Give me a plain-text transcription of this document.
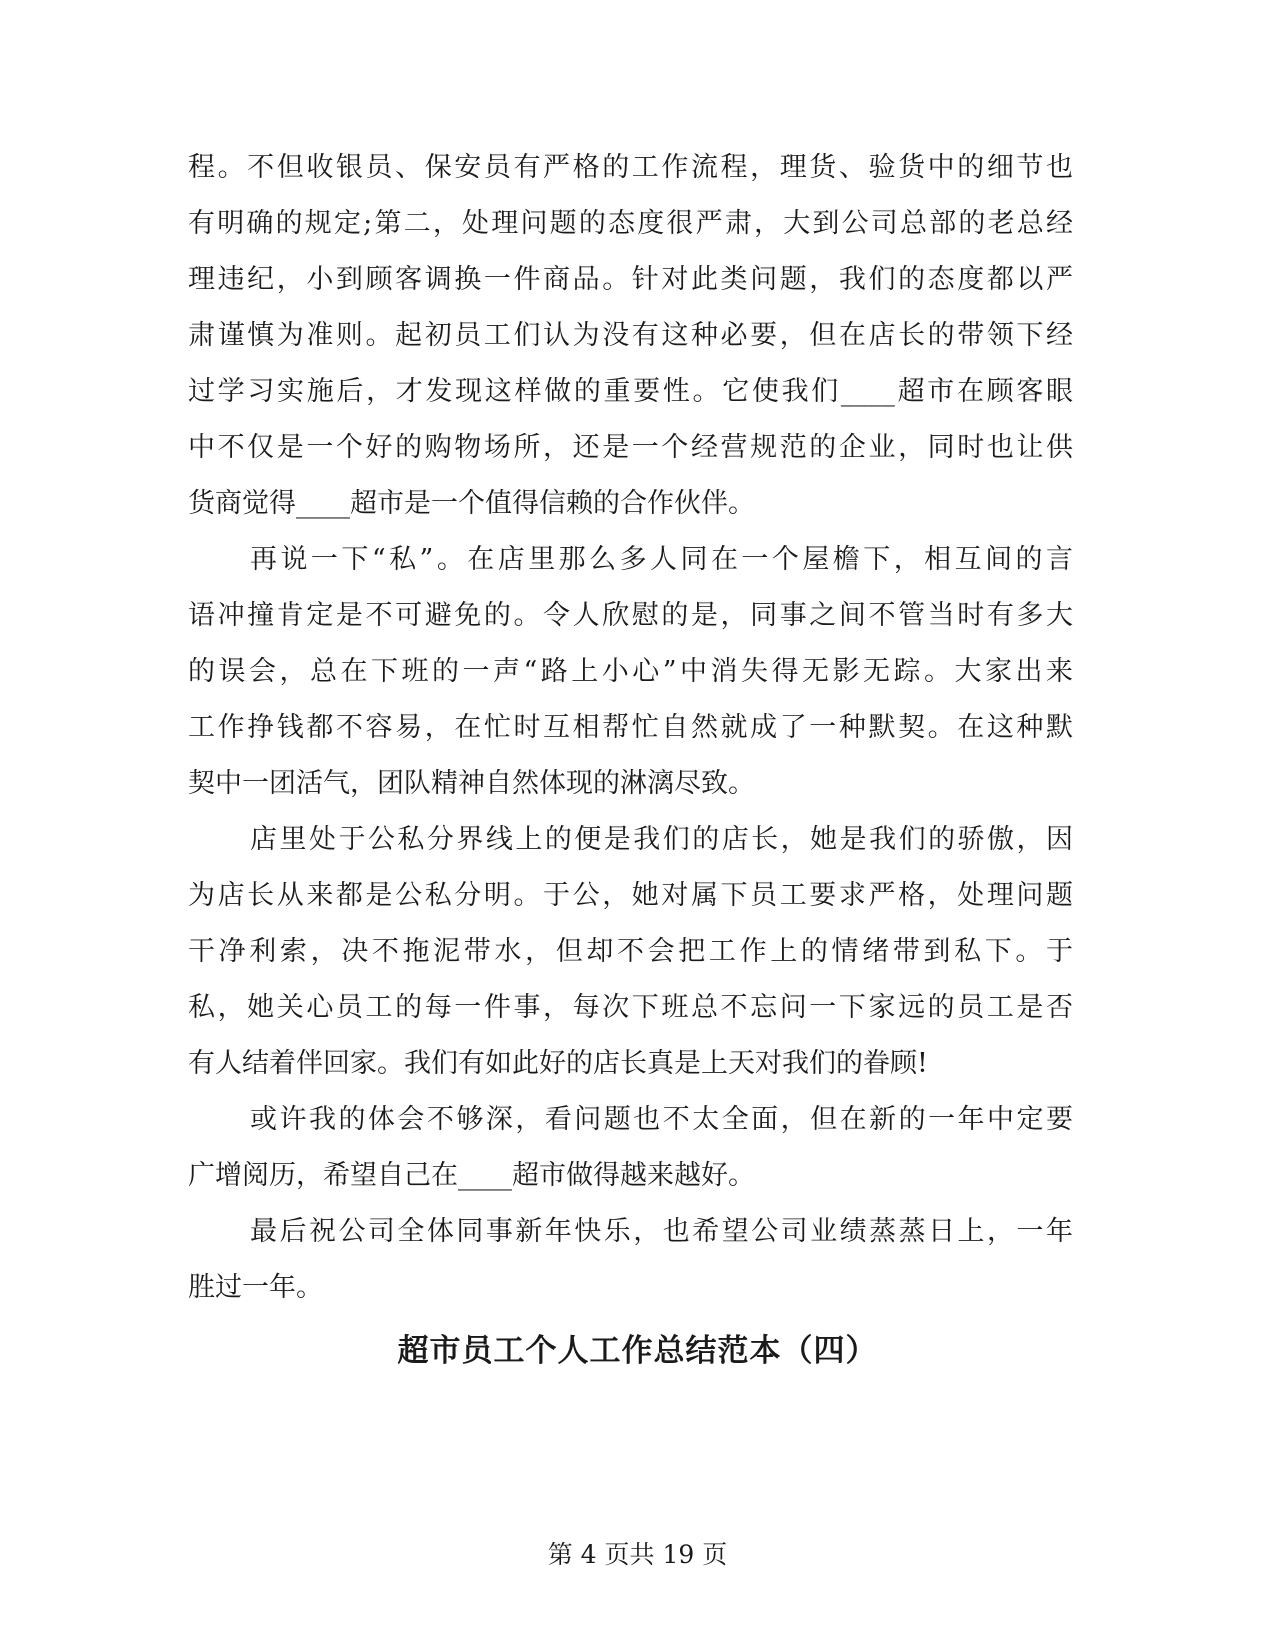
程。不但收银员、保安员有严格的工作流程，理货、验货中的细节也
有明确的规定;第二，处理问题的态度很严肃，大到公司总部的老总经
理违纪，小到顾客调换一件商品。针对此类问题，我们的态度都以严
肃谨慎为准则。起初员工们认为没有这种必要，但在店长的带领下经
过学习实施后，才发现这样做的重要性。它使我们____超市在顾客眼
中不仅是一个好的购物场所，还是一个经营规范的企业，同时也让供
货商觉得____超市是一个值得信赖的合作伙伴。
再说一下“私”。在店里那么多人同在一个屋檐下，相互间的言
语冲撞肯定是不可避免的。令人欣慰的是，同事之间不管当时有多大
的误会，总在下班的一声“路上小心”中消失得无影无踪。大家出来
工作挣钱都不容易，在忙时互相帮忙自然就成了一种默契。在这种默
契中一团活气，团队精神自然体现的淋漓尽致。
店里处于公私分界线上的便是我们的店长，她是我们的骄傲，因
为店长从来都是公私分明。于公，她对属下员工要求严格，处理问题
干净利索，决不拖泥带水，但却不会把工作上的情绪带到私下。于
私，她关心员工的每一件事，每次下班总不忘问一下家远的员工是否
有人结着伴回家。我们有如此好的店长真是上天对我们的眷顾!
或许我的体会不够深，看问题也不太全面，但在新的一年中定要
广增阅历，希望自己在____超市做得越来越好。
最后祝公司全体同事新年快乐，也希望公司业绩蒸蒸日上，一年
胜过一年。
超市员工个人工作总结范本（四）
第 4 页共 19 页
